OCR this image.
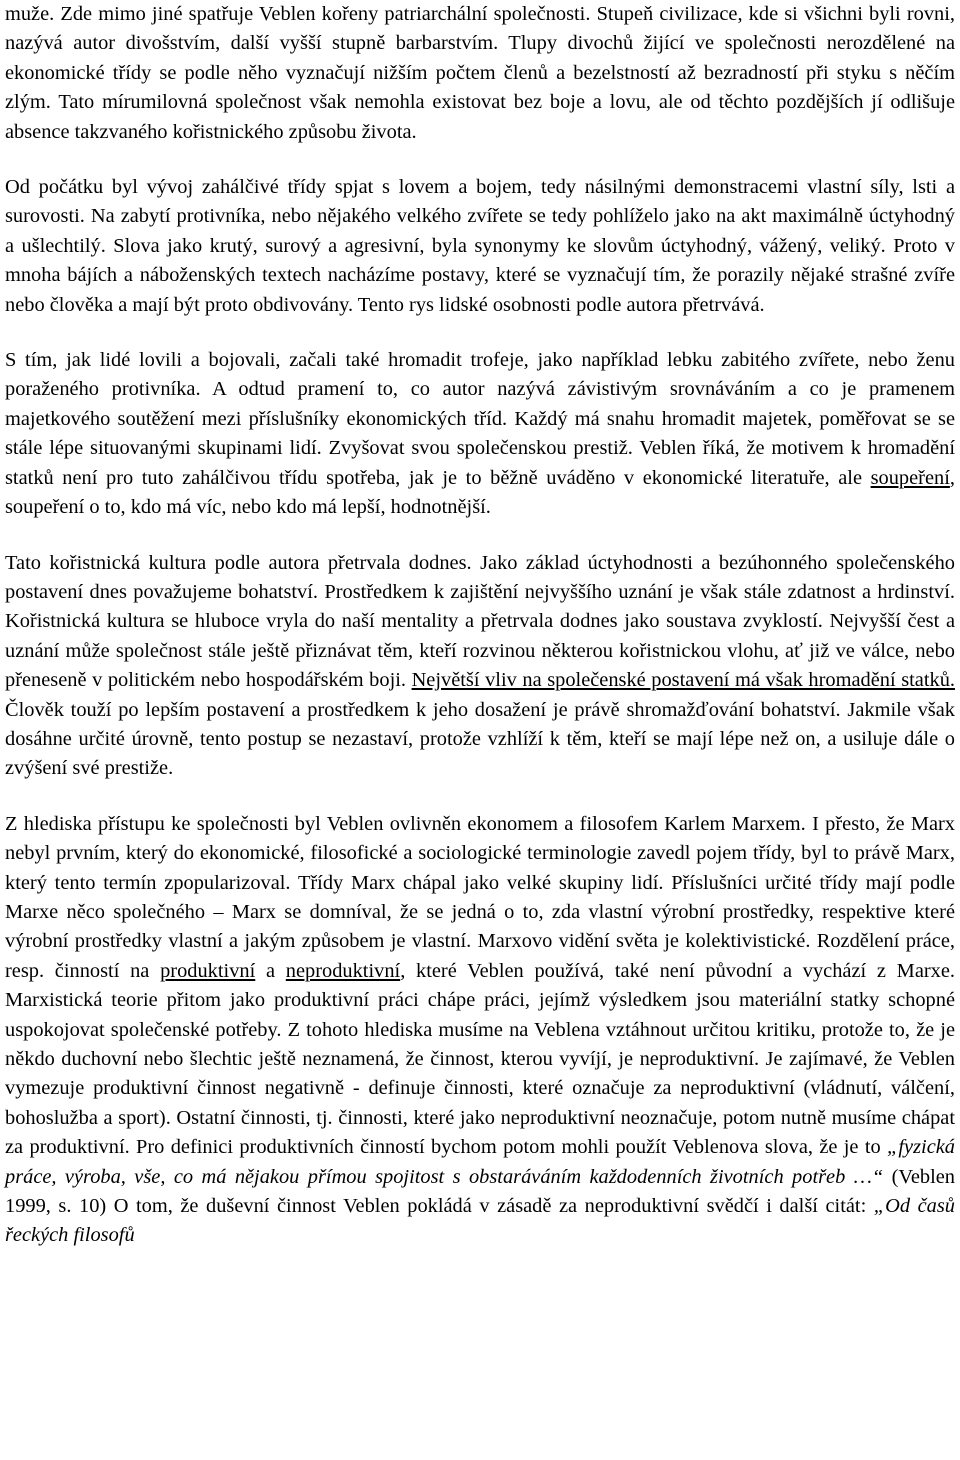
muže. Zde mimo jiné spatřuje Veblen kořeny patriarchální společnosti. Stupeň civilizace, kde si všichni byli rovni, nazývá autor divošstvím, další vyšší stupně barbarstvím. Tlupy divochů žijící ve společnosti nerozdělené na ekonomické třídy se podle něho vyznačují nižším počtem členů a bezelstností až bezradností při styku s něčím zlým. Tato mírumilovná společnost však nemohla existovat bez boje a lovu, ale od těchto pozdějších jí odlišuje absence takzvaného kořistnického způsobu života.

Od počátku byl vývoj zahálčivé třídy spjat s lovem a bojem, tedy násilnými demonstracemi vlastní síly, lsti a surovosti. Na zabytí protivníka, nebo nějakého velkého zvířete se tedy pohlíželo jako na akt maximálně úctyhodný a ušlechtilý. Slova jako krutý, surový a agresivní, byla synonymy ke slovům úctyhodný, vážený, veliký. Proto v mnoha bájích a náboženských textech nacházíme postavy, které se vyznačují tím, že porazily nějaké strašné zvíře nebo člověka a mají být proto obdivovány. Tento rys lidské osobnosti podle autora přetrvává.

S tím, jak lidé lovili a bojovali, začali také hromadit trofeje, jako například lebku zabitého zvířete, nebo ženu poraženého protivníka. A odtud pramení to, co autor nazývá závistivým srovnáváním a co je pramenem majetkového soutěžení mezi příslušníky ekonomických tříd. Každý má snahu hromadit majetek, poměřovat se se stále lépe situovanými skupinami lidí. Zvyšovat svou společenskou prestiž. Veblen říká, že motivem k hromadění statků není pro tuto zahálčivou třídu spotřeba, jak je to běžně uváděno v ekonomické literatuře, ale soupeření, soupeření o to, kdo má víc, nebo kdo má lepší, hodnotnější.

Tato kořistnická kultura podle autora přetrvala dodnes. Jako základ úctyhodnosti a bezúhonného společenského postavení dnes považujeme bohatství. Prostředkem k zajištění nejvyššího uznání je však stále zdatnost a hrdinství. Kořistnická kultura se hluboce vryla do naší mentality a přetrvala dodnes jako soustava zvyklostí. Nejvyšší čest a uznání může společnost stále ještě přiznávat těm, kteří rozvinou některou kořistnickou vlohu, ať již ve válce, nebo přeneseně v politickém nebo hospodářském boji. Největší vliv na společenské postavení má však hromadění statků. Člověk touží po lepším postavení a prostředkem k jeho dosažení je právě shromažďování bohatství. Jakmile však dosáhne určité úrovně, tento postup se nezastaví, protože vzhlíží k těm, kteří se mají lépe než on, a usiluje dále o zvýšení své prestiže.

Z hlediska přístupu ke společnosti byl Veblen ovlivněn ekonomem a filosofem Karlem Marxem. I přesto, že Marx nebyl prvním, který do ekonomické, filosofické a sociologické terminologie zavedl pojem třídy, byl to právě Marx, který tento termín zpopularizoval. Třídy Marx chápal jako velké skupiny lidí. Příslušníci určité třídy mají podle Marxe něco společného – Marx se domníval, že se jedná o to, zda vlastní výrobní prostředky, respektive které výrobní prostředky vlastní a jakým způsobem je vlastní. Marxovo vidění světa je kolektivistické. Rozdělení práce, resp. činností na produktivní a neproduktivní, které Veblen používá, také není původní a vychází z Marxe. Marxistická teorie přitom jako produktivní práci chápe práci, jejímž výsledkem jsou materiální statky schopné uspokojovat společenské potřeby. Z tohoto hlediska musíme na Veblena vztáhnout určitou kritiku, protože to, že je někdo duchovní nebo šlechtic ještě neznamená, že činnost, kterou vyvíjí, je neproduktivní. Je zajímavé, že Veblen vymezuje produktivní činnost negativně - definuje činnosti, které označuje za neproduktivní (vládnutí, válčení, bohoslužba a sport). Ostatní činnosti, tj. činnosti, které jako neproduktivní neoznačuje, potom nutně musíme chápat za produktivní. Pro definici produktivních činností bychom potom mohli použít Veblenova slova, že je to „fyzická práce, výroba, vše, co má nějakou přímou spojitost s obstaráváním každodenních životních potřeb …“ (Veblen 1999, s. 10) O tom, že duševní činnost Veblen pokládá v zásadě za neproduktivní svědčí i další citát: „Od časů řeckých filosofů
